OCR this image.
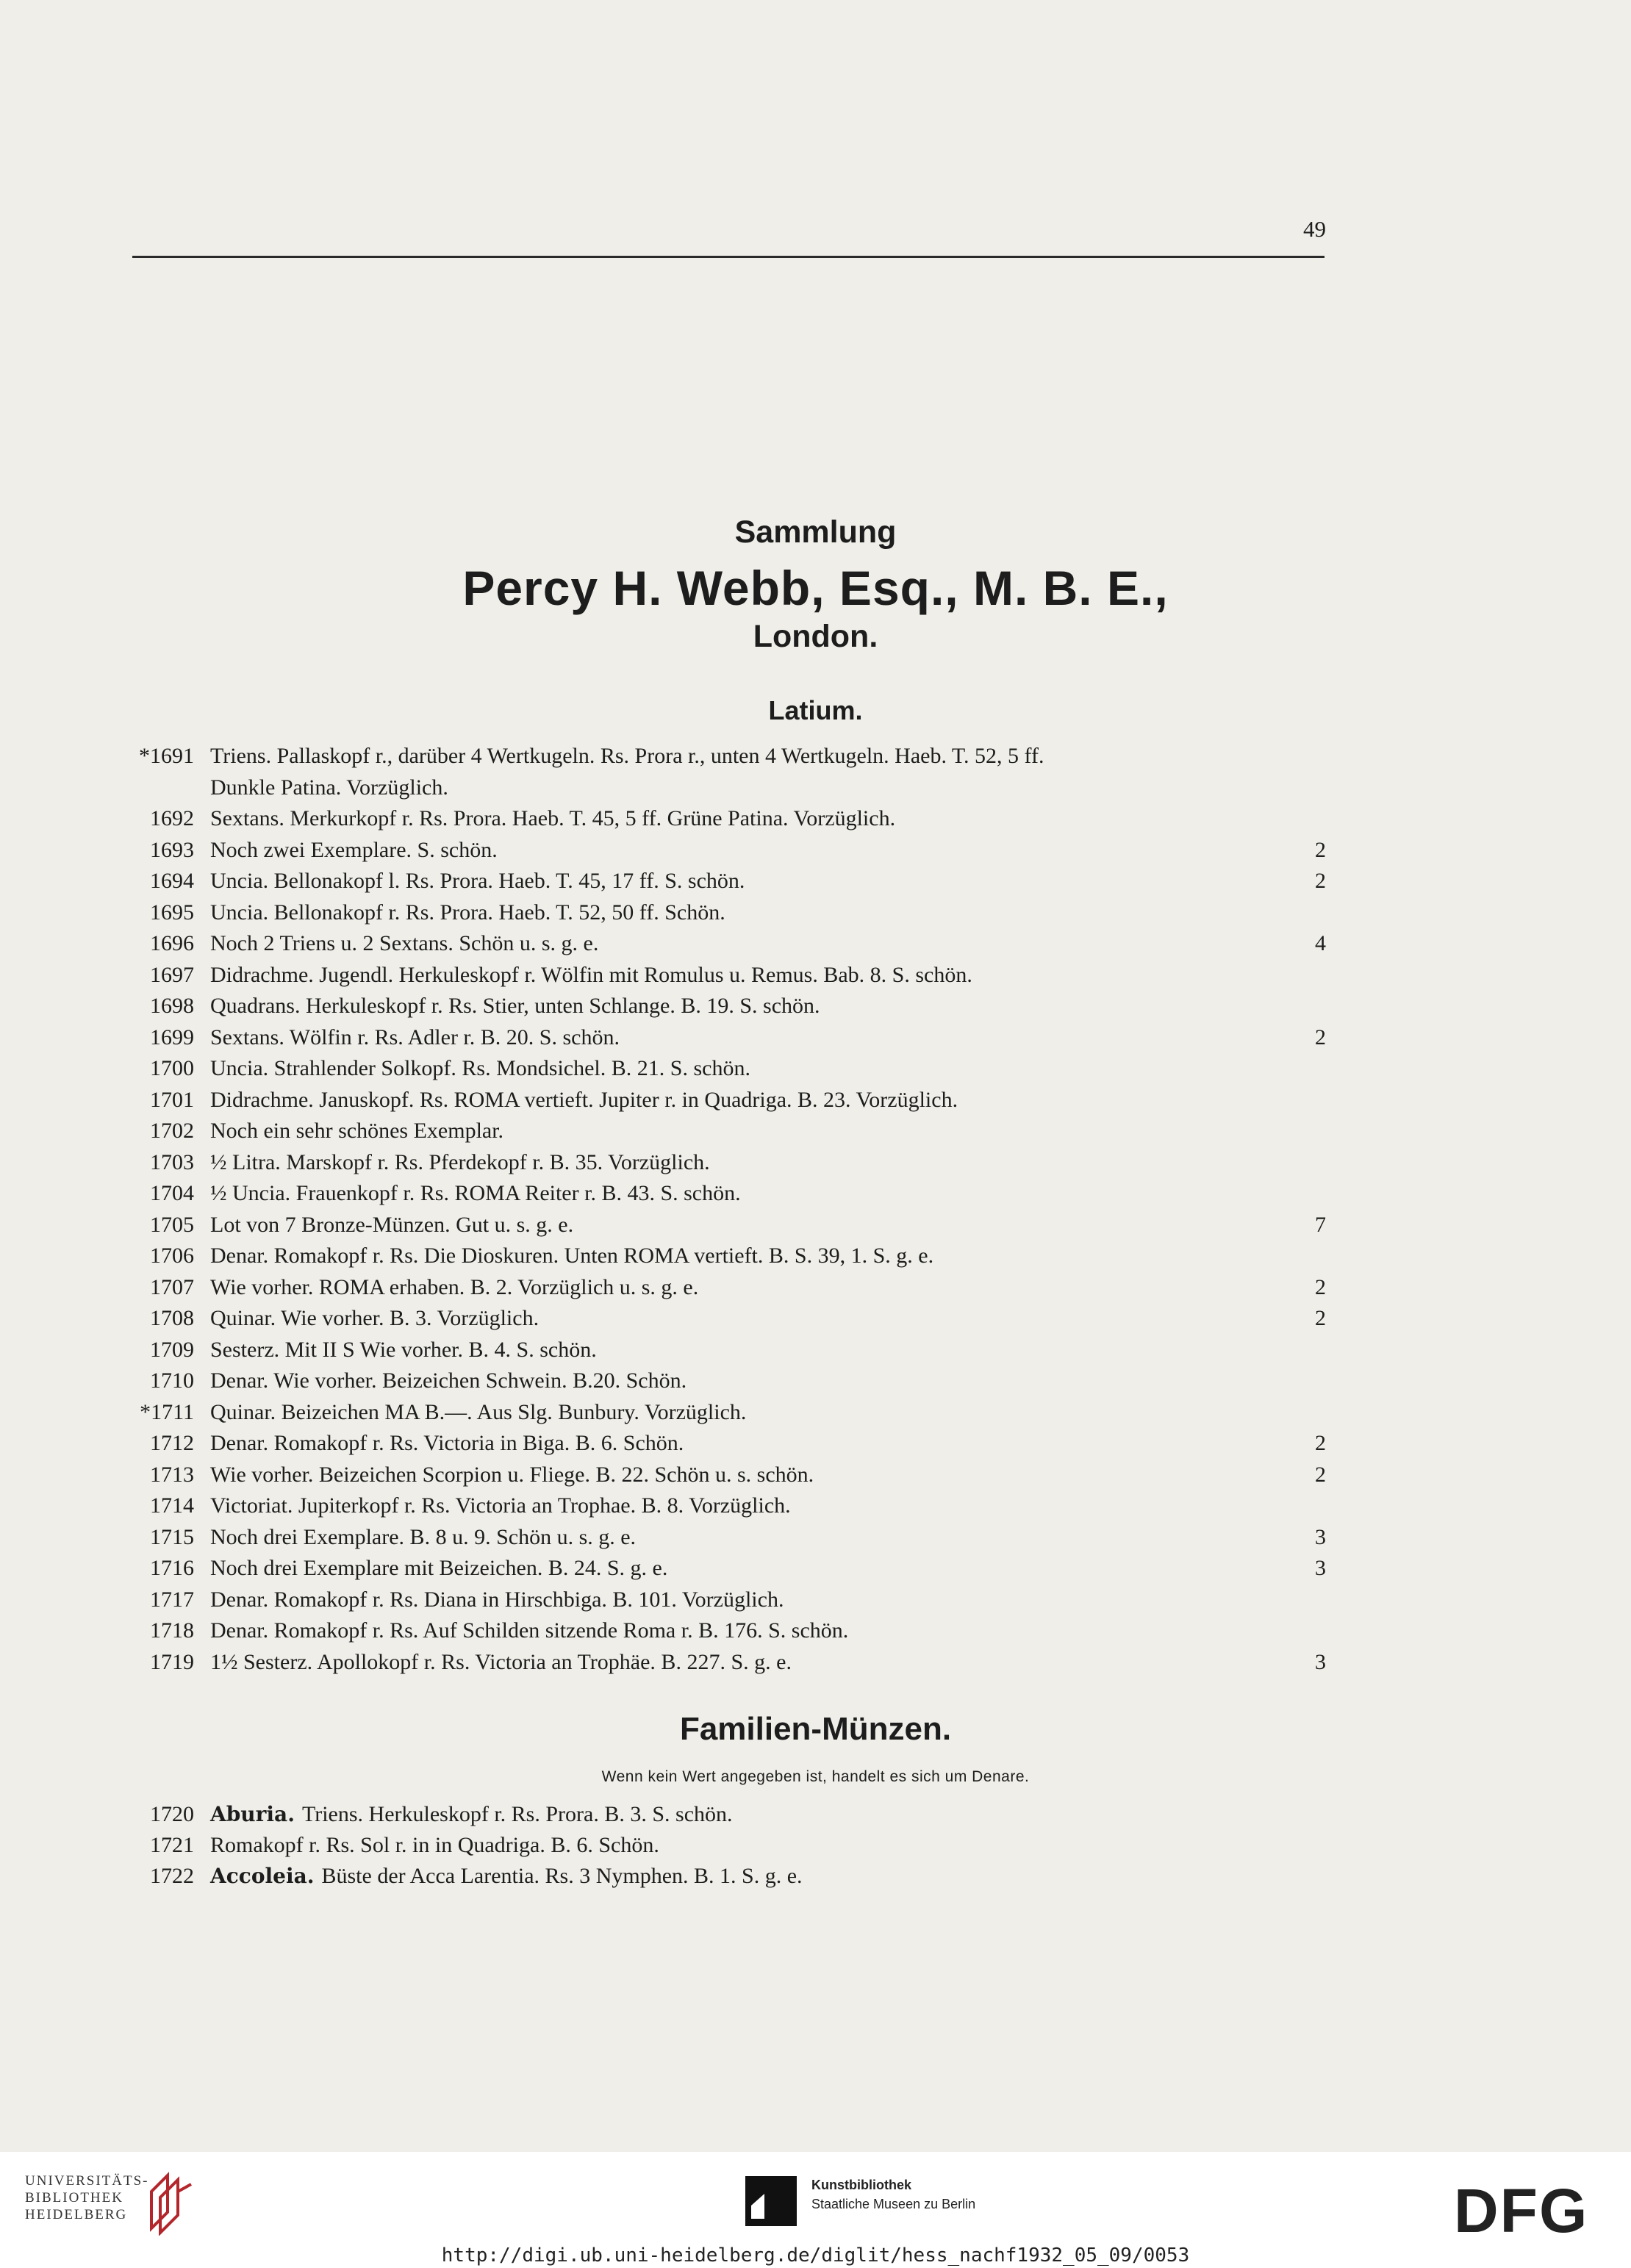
49
Sammlung
Percy H. Webb, Esq., M. B. E.,
London.
Latium.
*1691 Triens. Pallaskopf r., darüber 4 Wertkugeln. Rs. Prora r., unten 4 Wertkugeln. Haeb. T. 52, 5 ff.
Dunkle Patina. Vorzüglich.
1692 Sextans. Merkurkopf r. Rs. Prora. Haeb. T. 45, 5 ff. Grüne Patina. Vorzüglich.
1693 Noch zwei Exemplare. S. schön.	2
1694 Uncia. Bellonakopf l. Rs. Prora. Haeb. T. 45, 17 ff. S. schön.	2
1695 Uncia. Bellonakopf r. Rs. Prora. Haeb. T. 52, 50 ff. Schön.
1696 Noch 2 Triens u. 2 Sextans. Schön u. s. g. e.	4
1697 Didrachme. Jugendl. Herkuleskopf r. Wölfin mit Romulus u. Remus. Bab. 8. S. schön.
1698 Quadrans. Herkuleskopf r. Rs. Stier, unten Schlange. B. 19. S. schön.
1699 Sextans. Wölfin r. Rs. Adler r. B. 20. S. schön.	2
1700 Uncia. Strahlender Solkopf. Rs. Mondsichel. B. 21. S. schön.
1701 Didrachme. Januskopf. Rs. ROMA vertieft. Jupiter r. in Quadriga. B. 23. Vorzüglich.
1702 Noch ein sehr schönes Exemplar.
1703 ½ Litra. Marskopf r. Rs. Pferdekopf r. B. 35. Vorzüglich.
1704 ½ Uncia. Frauenkopf r. Rs. ROMA Reiter r. B. 43. S. schön.
1705 Lot von 7 Bronze-Münzen. Gut u. s. g. e.	7
1706 Denar. Romakopf r. Rs. Die Dioskuren. Unten ROMA vertieft. B. S. 39, 1. S. g. e.
1707 Wie vorher. ROMA erhaben. B. 2. Vorzüglich u. s. g. e.	2
1708 Quinar. Wie vorher. B. 3. Vorzüglich.	2
1709 Sesterz. Mit II S Wie vorher. B. 4. S. schön.
1710 Denar. Wie vorher. Beizeichen Schwein. B.20. Schön.
*1711 Quinar. Beizeichen MA B.—. Aus Slg. Bunbury. Vorzüglich.
1712 Denar. Romakopf r. Rs. Victoria in Biga. B. 6. Schön.	2
1713 Wie vorher. Beizeichen Scorpion u. Fliege. B. 22. Schön u. s. schön.	2
1714 Victoriat. Jupiterkopf r. Rs. Victoria an Trophae. B. 8. Vorzüglich.
1715 Noch drei Exemplare. B. 8 u. 9. Schön u. s. g. e.	3
1716 Noch drei Exemplare mit Beizeichen. B. 24. S. g. e.	3
1717 Denar. Romakopf r. Rs. Diana in Hirschbiga. B. 101. Vorzüglich.
1718 Denar. Romakopf r. Rs. Auf Schilden sitzende Roma r. B. 176. S. schön.
1719 1½ Sesterz. Apollokopf r. Rs. Victoria an Trophäe. B. 227. S. g. e.	3
Familien-Münzen.
Wenn kein Wert angegeben ist, handelt es sich um Denare.
1720 Aburia. Triens. Herkuleskopf r. Rs. Prora. B. 3. S. schön.
1721 Romakopf r. Rs. Sol r. in in Quadriga. B. 6. Schön.
1722 Accoleia. Büste der Acca Larentia. Rs. 3 Nymphen. B. 1. S. g. e.
UNIVERSITÄTS-
BIBLIOTHEK
HEIDELBERG
Kunstbibliothek
Staatliche Museen zu Berlin	DFG
http://digi.ub.uni-heidelberg.de/diglit/hess_nachf1932_05_09/0053
